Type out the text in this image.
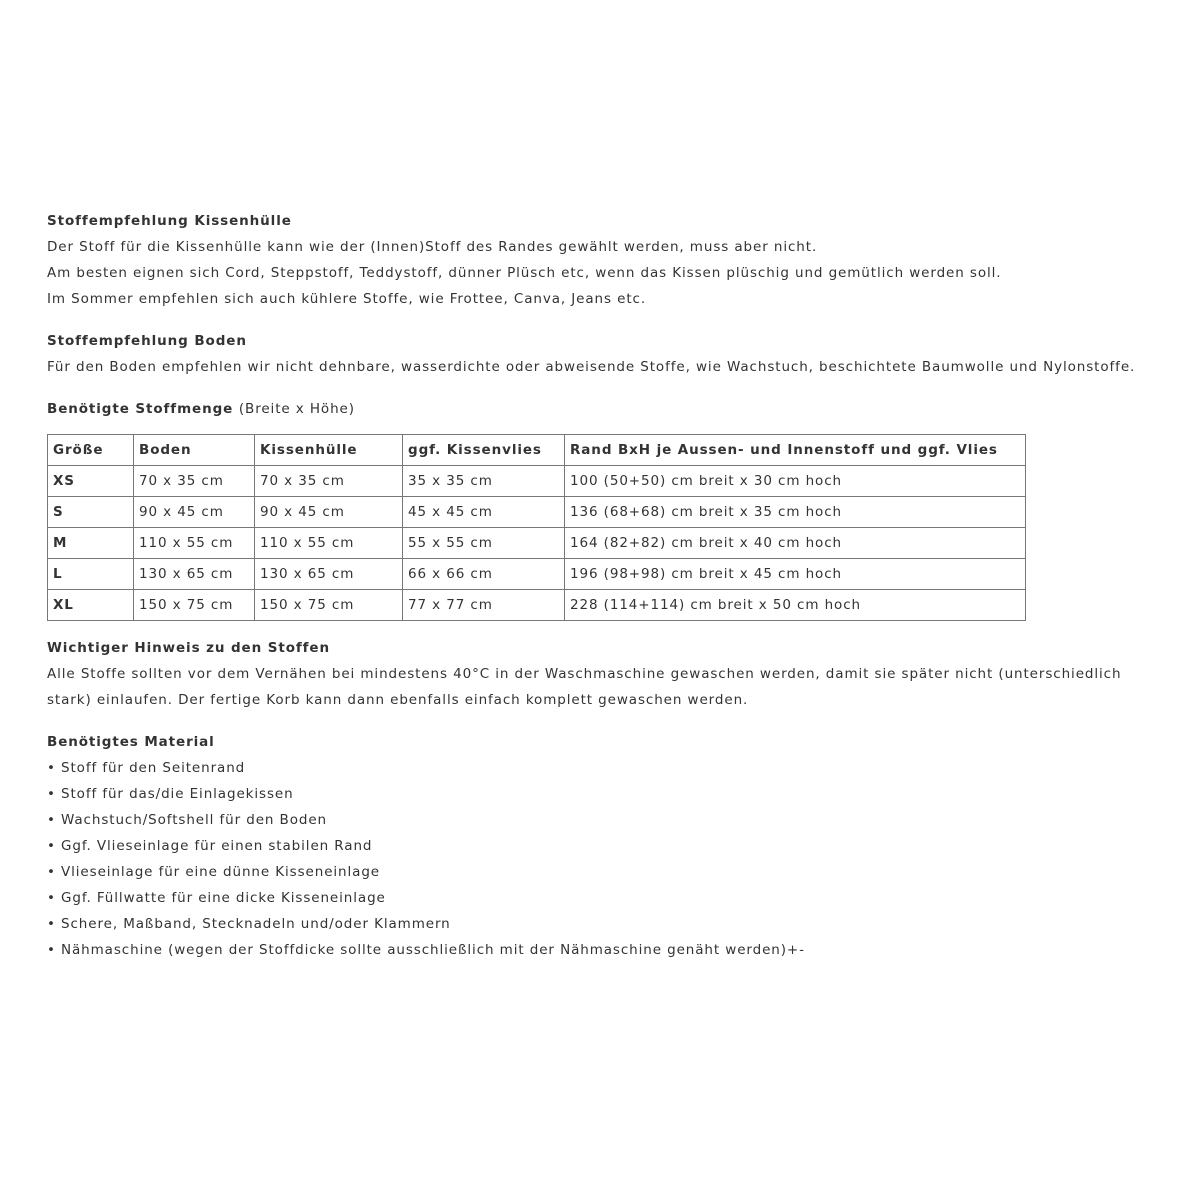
Stoffempfehlung Kissenhülle
Der Stoff für die Kissenhülle kann wie der (Innen)Stoff des Randes gewählt werden, muss aber nicht.
Am besten eignen sich Cord, Steppstoff, Teddystoff, dünner Plüsch etc, wenn das Kissen plüschig und gemütlich werden soll.
Im Sommer empfehlen sich auch kühlere Stoffe, wie Frottee, Canva, Jeans etc.
Stoffempfehlung Boden
Für den Boden empfehlen wir nicht dehnbare, wasserdichte oder abweisende Stoffe, wie Wachstuch, beschichtete Baumwolle und Nylonstoffe.
Benötigte Stoffmenge (Breite x Höhe)
Größe	Boden	Kissenhülle	ggf. Kissenvlies	Rand BxH je Aussen- und Innenstoff und ggf. Vlies
XS	70 x 35 cm	70 x 35 cm	35 x 35 cm	100 (50+50) cm breit x 30 cm hoch
S	90 x 45 cm	90 x 45 cm	45 x 45 cm	136 (68+68) cm breit x 35 cm hoch
M	110 x 55 cm	110 x 55 cm	55 x 55 cm	164 (82+82) cm breit x 40 cm hoch
L	130 x 65 cm	130 x 65 cm	66 x 66 cm	196 (98+98) cm breit x 45 cm hoch
XL	150 x 75 cm	150 x 75 cm	77 x 77 cm	228 (114+114) cm breit x 50 cm hoch
Wichtiger Hinweis zu den Stoffen
Alle Stoffe sollten vor dem Vernähen bei mindestens 40°C in der Waschmaschine gewaschen werden, damit sie später nicht (unterschiedlich stark) einlaufen. Der fertige Korb kann dann ebenfalls einfach komplett gewaschen werden.
Benötigtes Material
• Stoff für den Seitenrand
• Stoff für das/die Einlagekissen
• Wachstuch/Softshell für den Boden
• Ggf. Vlieseinlage für einen stabilen Rand
• Vlieseinlage für eine dünne Kisseneinlage
• Ggf. Füllwatte für eine dicke Kisseneinlage
• Schere, Maßband, Stecknadeln und/oder Klammern
• Nähmaschine (wegen der Stoffdicke sollte ausschließlich mit der Nähmaschine genäht werden)+-
